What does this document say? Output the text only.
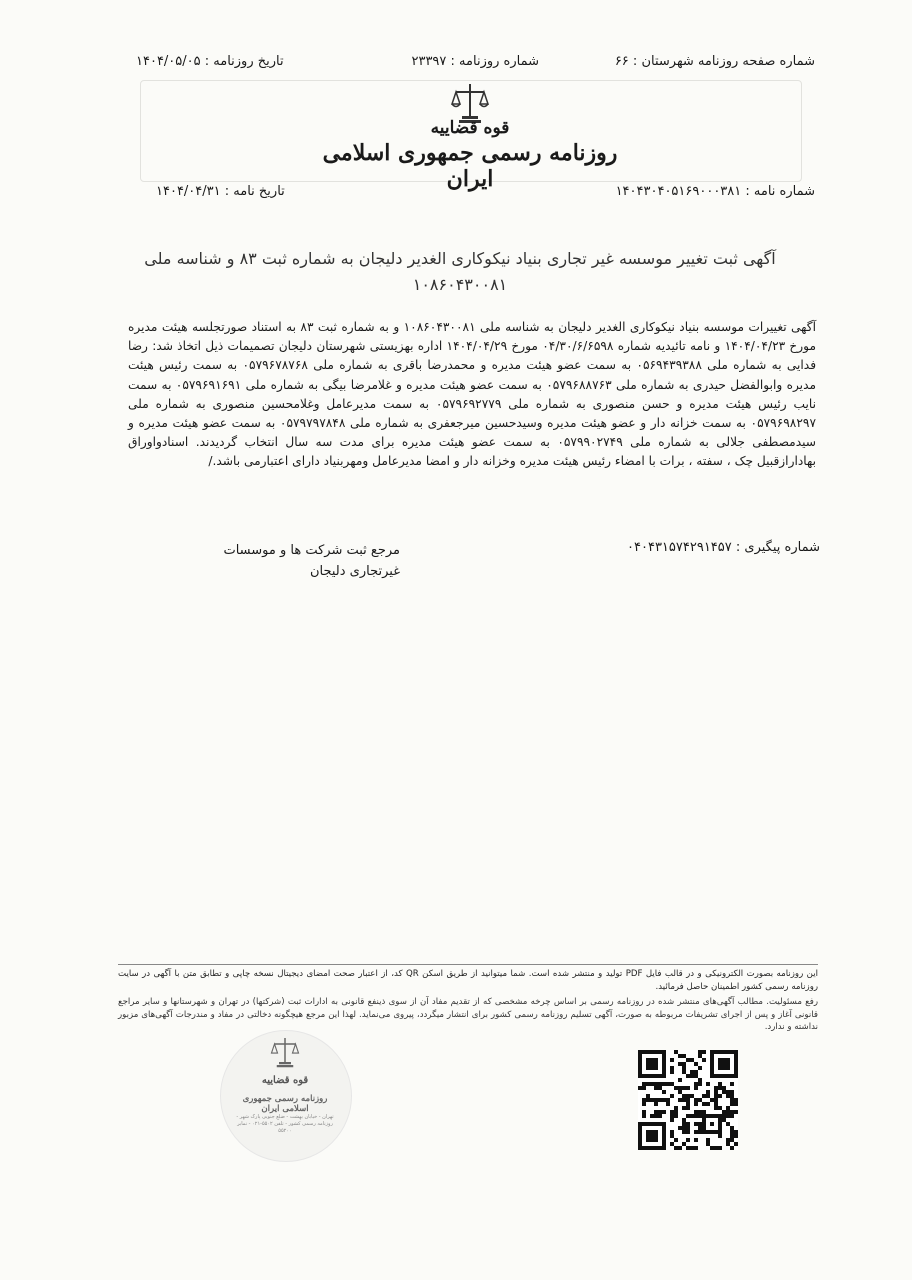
شماره صفحه روزنامه شهرستان : ۶۶
شماره روزنامه : ۲۳۳۹۷
تاریخ روزنامه : ۱۴۰۴/۰۵/۰۵
قوه قضاییه
روزنامه رسمی جمهوری اسلامی ایران	شماره نامه : ۱۴۰۴۳۰۴۰۵۱۶۹۰۰۰۳۸۱
تاریخ نامه : ۱۴۰۴/۰۴/۳۱
آگهی ثبت تغییر موسسه غیر تجاری بنیاد نیکوکاری الغدیر دلیجان به شماره ثبت ۸۳ و شناسه ملی ۱۰۸۶۰۴۳۰۰۸۱
آگهی تغییرات موسسه بنیاد نیکوکاری الغدیر دلیجان به شناسه ملی ۱۰۸۶۰۴۳۰۰۸۱ و به شماره ثبت ۸۳ به استناد صورتجلسه هیئت مدیره مورخ ۱۴۰۴/۰۴/۲۳ و نامه تائیدیه شماره ۰۴/۳۰/۶/۶۵۹۸ مورخ ۱۴۰۴/۰۴/۲۹ اداره بهزیستی شهرستان دلیجان تصمیمات ذیل اتخاذ شد: رضا فدایی به شماره ملی ۰۵۶۹۴۳۹۳۸۸ به سمت عضو هیئت مدیره و محمدرضا باقری به شماره ملی ۰۵۷۹۶۷۸۷۶۸ به سمت رئیس هیئت مدیره وابوالفضل حیدری به شماره ملی ۰۵۷۹۶۸۸۷۶۳ به سمت عضو هیئت مدیره و غلامرضا بیگی به شماره ملی ۰۵۷۹۶۹۱۶۹۱ به سمت نایب رئیس هیئت مدیره و حسن منصوری به شماره ملی ۰۵۷۹۶۹۲۷۷۹ به سمت مدیرعامل وغلامحسین منصوری به شماره ملی ۰۵۷۹۶۹۸۲۹۷ به سمت خزانه دار و عضو هیئت مدیره وسیدحسین میرجعفری به شماره ملی ۰۵۷۹۷۹۷۸۴۸ به سمت عضو هیئت مدیره و سیدمصطفی جلالی به شماره ملی ۰۵۷۹۹۰۲۷۴۹ به سمت عضو هیئت مدیره برای مدت سه سال انتخاب گردیدند. اسنادواوراق بهادارازقبیل چک ، سفته ، برات با امضاء رئیس هیئت مدیره وخزانه دار و امضا مدیرعامل ومهربنیاد دارای اعتبارمی باشد./
شماره پیگیری : ۰۴۰۴۳۱۵۷۴۲۹۱۴۵۷
مرجع ثبت شرکت ها و موسسات
غیرتجاری دلیجان
این روزنامه بصورت الکترونیکی و در قالب فایل PDF تولید و منتشر شده است. شما میتوانید از طریق اسکن QR کد، از اعتبار صحت امضای دیجیتال نسخه چاپی و تطابق متن با آگهی در سایت روزنامه رسمی کشور اطمینان حاصل فرمائید.
رفع مسئولیت. مطالب آگهی‌های منتشر شده در روزنامه رسمی بر اساس چرخه مشخصی که از تقدیم مفاد آن از سوی ذینفع قانونی به ادارات ثبت (شرکتها) در تهران و شهرستانها و سایر مراجع قانونی آغاز و پس از اجرای تشریفات مربوطه به صورت، آگهی تسلیم روزنامه رسمی کشور برای انتشار میگردد، پیروی می‌نماید. لهذا این مرجع هیچگونه دخالتی در مفاد و مندرجات آگهی‌های مزبور نداشته و ندارد.
قوه قضاییه
روزنامه رسمی جمهوری اسلامی ایران
تهران - خیابان بهشت - ضلع جنوبی پارک شهر - روزنامه رسمی کشور - تلفن ۵۵۰۲-۰۲۱ - نمابر ۵۵۲۰۰
